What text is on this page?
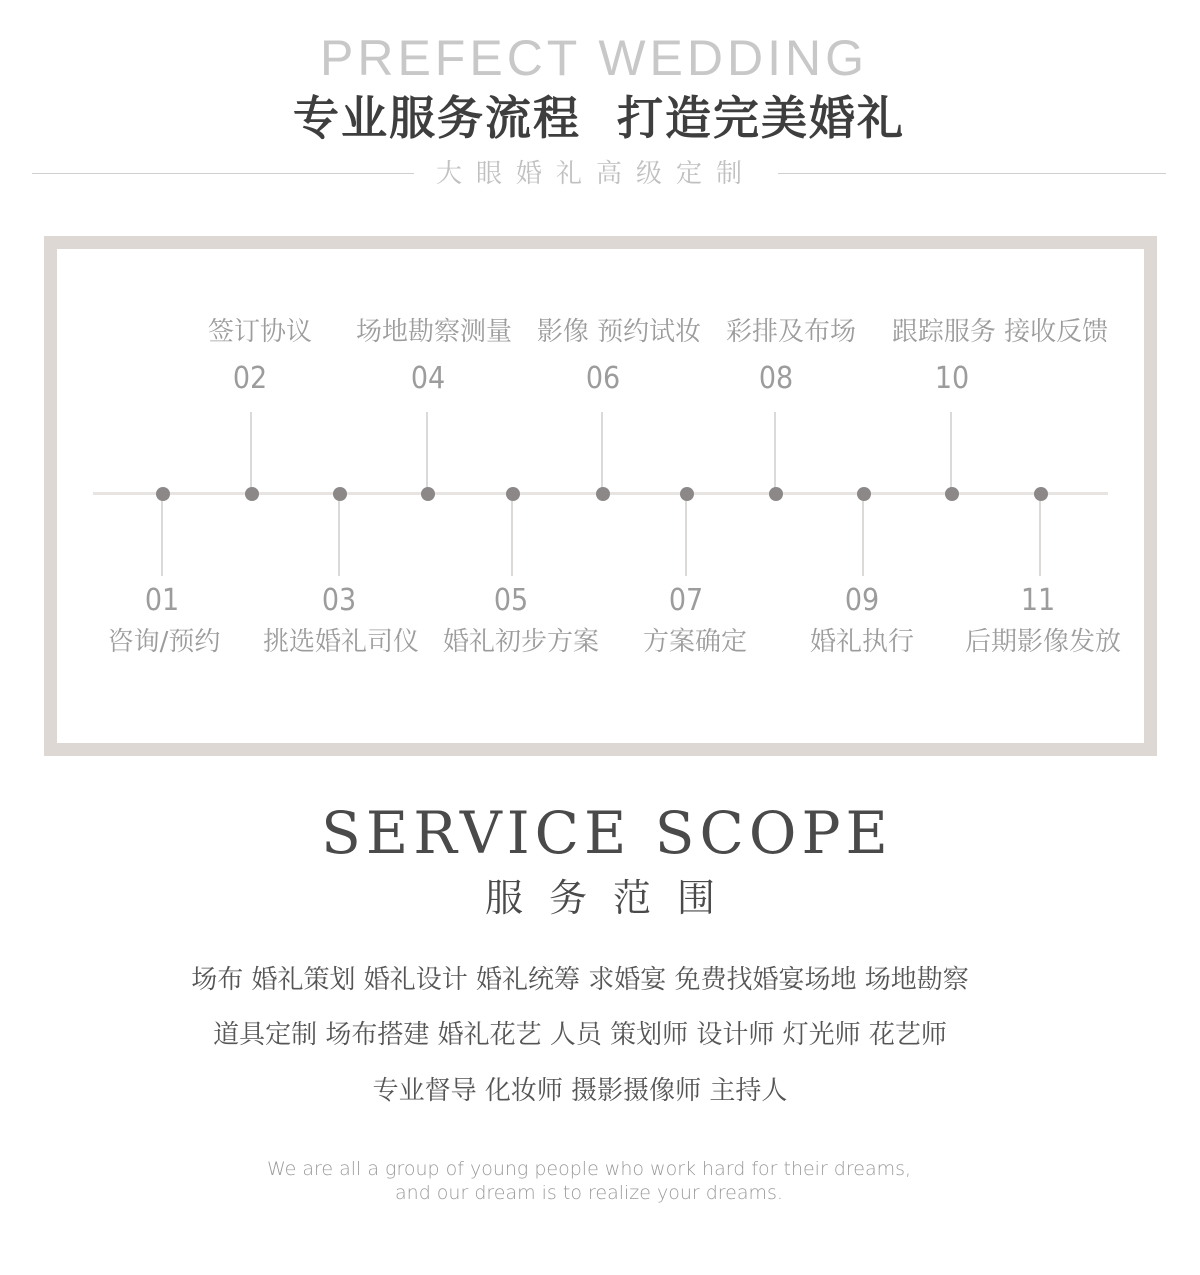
PREFECT WEDDING
专业服务流程  打造完美婚礼
大眼婚礼高级定制
01
咨询/预约
02
签订协议
03
挑选婚礼司仪
04
场地勘察测量
05
婚礼初步方案
06
影像 预约试妆
07
方案确定
08
彩排及布场
09
婚礼执行
10
跟踪服务 接收反馈
11
后期影像发放
SERVICE SCOPE
服务范围
场布 婚礼策划 婚礼设计 婚礼统筹 求婚宴 免费找婚宴场地 场地勘察
道具定制 场布搭建 婚礼花艺 人员 策划师 设计师 灯光师 花艺师
专业督导 化妆师 摄影摄像师 主持人
We are all a group of young people who work hard for their dreams,
and our dream is to realize your dreams.
